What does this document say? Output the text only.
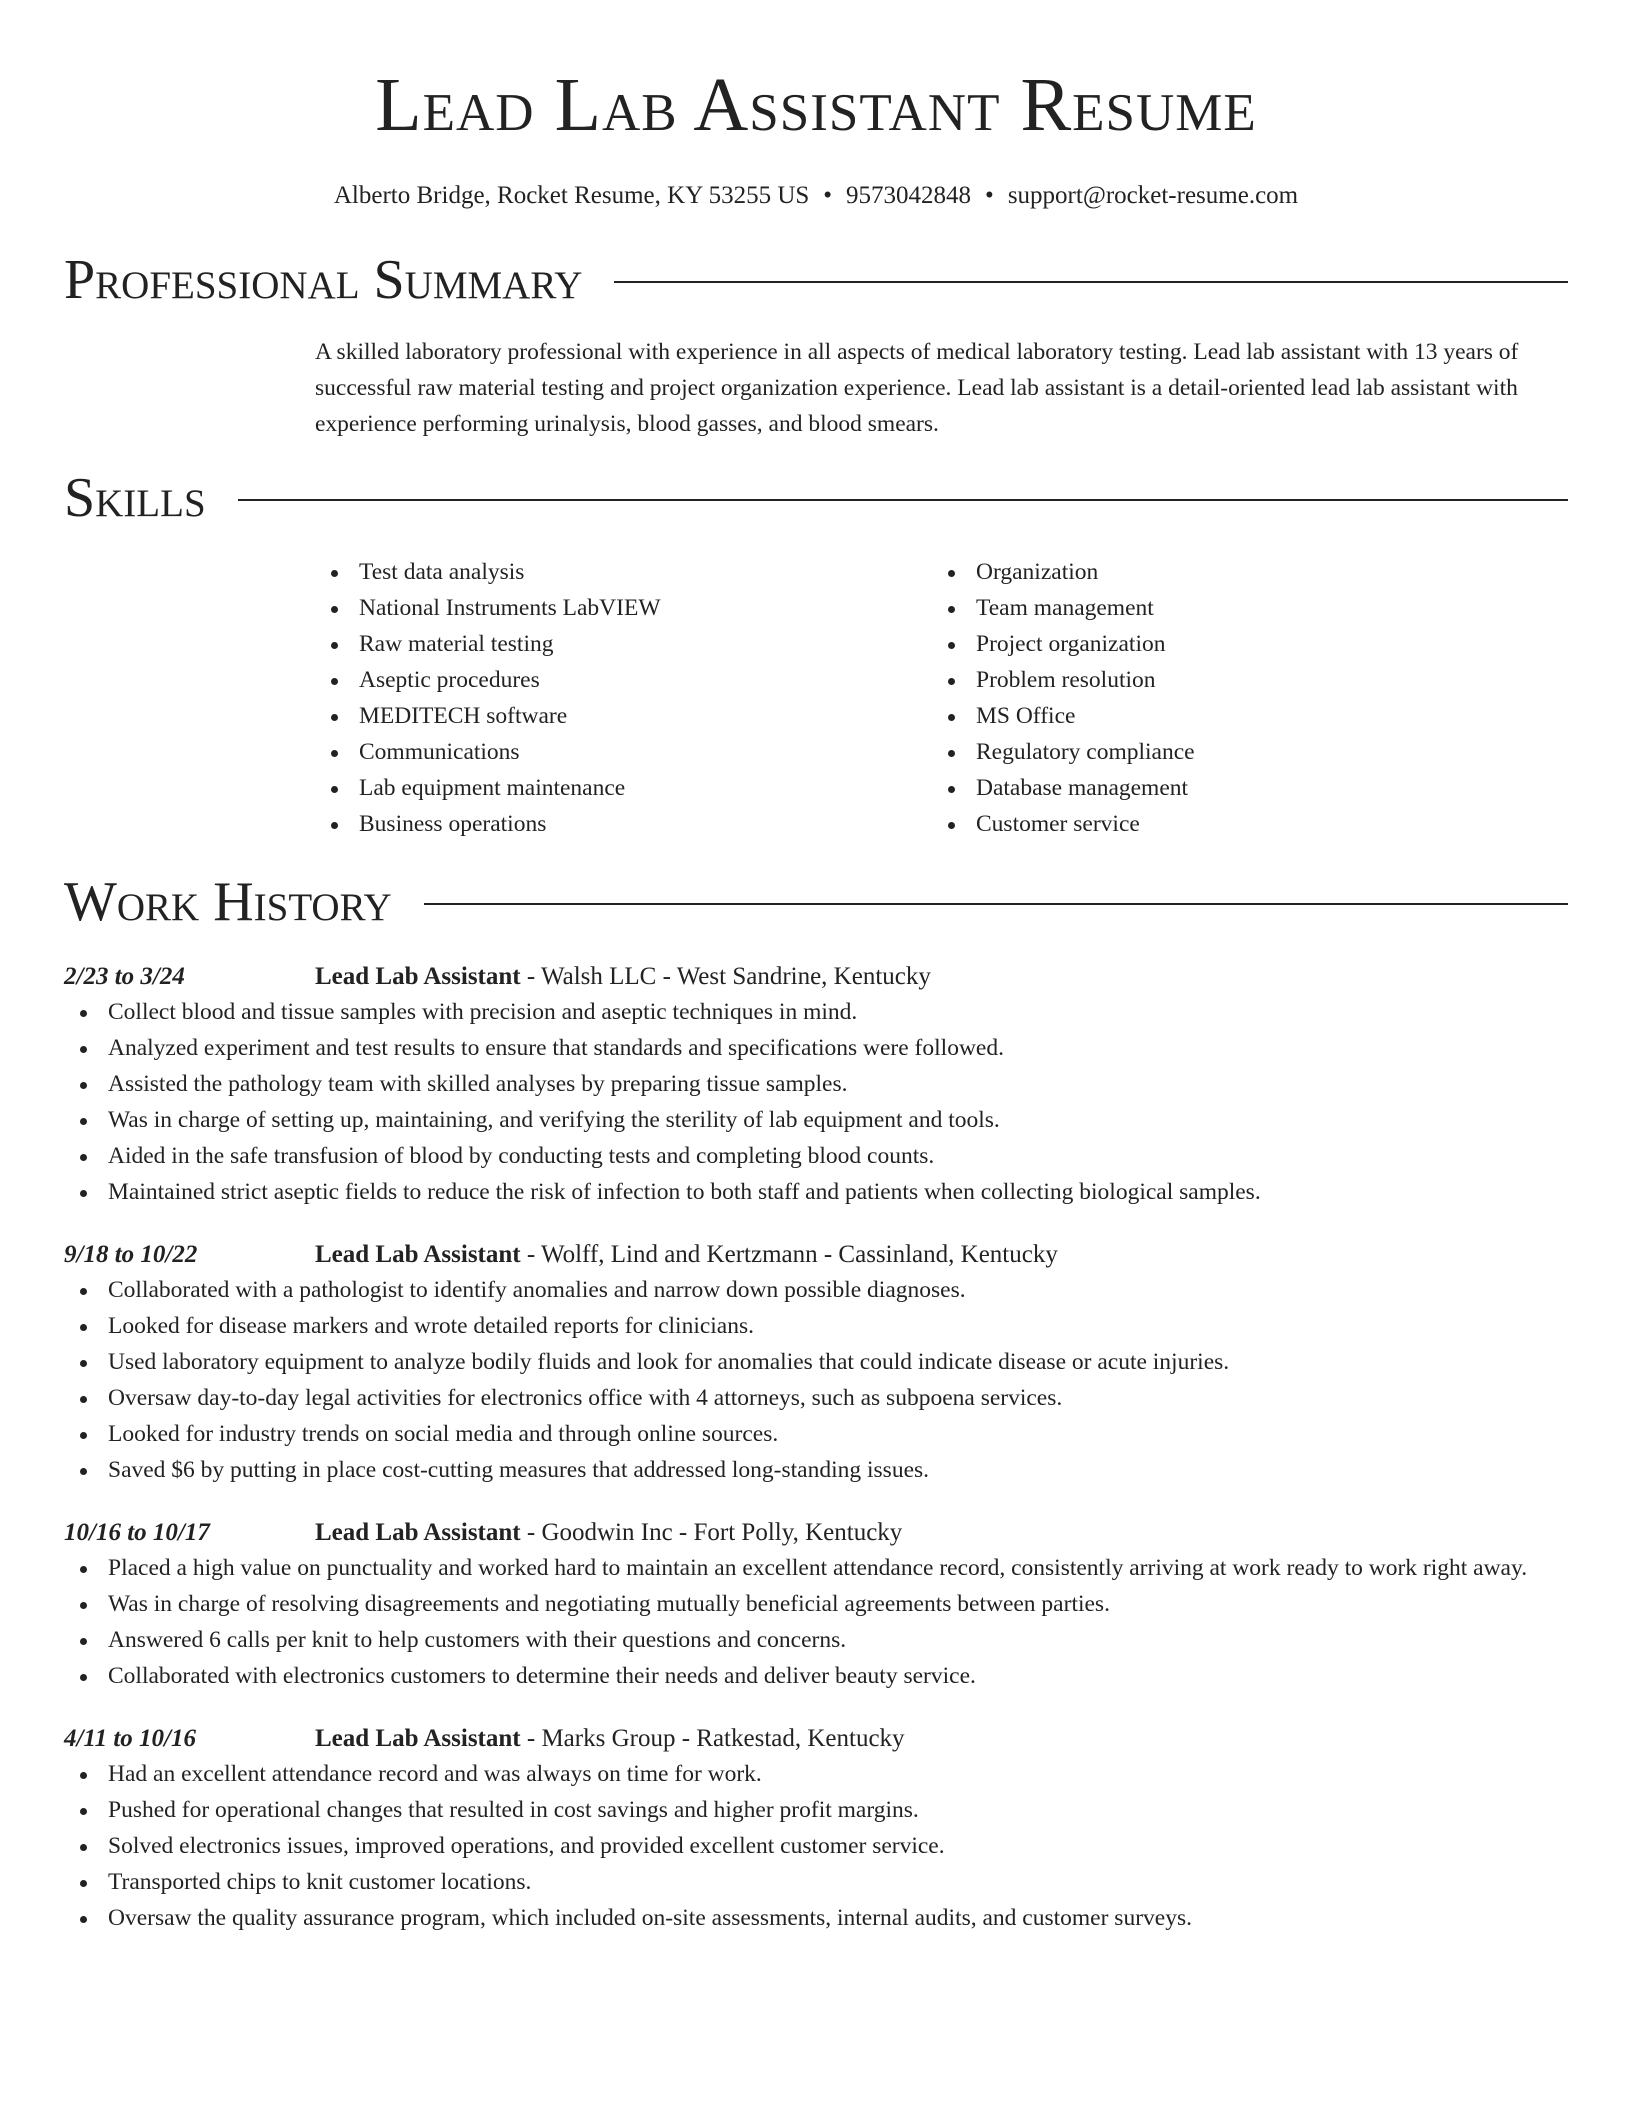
Lead Lab Assistant Resume
Alberto Bridge, Rocket Resume, KY 53255 US • 9573042848 • support@rocket-resume.com
Professional Summary
A skilled laboratory professional with experience in all aspects of medical laboratory testing. Lead lab assistant with 13 years of successful raw material testing and project organization experience. Lead lab assistant is a detail-oriented lead lab assistant with experience performing urinalysis, blood gasses, and blood smears.
Skills
Test data analysis
National Instruments LabVIEW
Raw material testing
Aseptic procedures
MEDITECH software
Communications
Lab equipment maintenance
Business operations
Organization
Team management
Project organization
Problem resolution
MS Office
Regulatory compliance
Database management
Customer service
Work History
2/23 to 3/24	Lead Lab Assistant - Walsh LLC - West Sandrine, Kentucky
Collect blood and tissue samples with precision and aseptic techniques in mind.
Analyzed experiment and test results to ensure that standards and specifications were followed.
Assisted the pathology team with skilled analyses by preparing tissue samples.
Was in charge of setting up, maintaining, and verifying the sterility of lab equipment and tools.
Aided in the safe transfusion of blood by conducting tests and completing blood counts.
Maintained strict aseptic fields to reduce the risk of infection to both staff and patients when collecting biological samples.
9/18 to 10/22	Lead Lab Assistant - Wolff, Lind and Kertzmann - Cassinland, Kentucky
Collaborated with a pathologist to identify anomalies and narrow down possible diagnoses.
Looked for disease markers and wrote detailed reports for clinicians.
Used laboratory equipment to analyze bodily fluids and look for anomalies that could indicate disease or acute injuries.
Oversaw day-to-day legal activities for electronics office with 4 attorneys, such as subpoena services.
Looked for industry trends on social media and through online sources.
Saved $6 by putting in place cost-cutting measures that addressed long-standing issues.
10/16 to 10/17	Lead Lab Assistant - Goodwin Inc - Fort Polly, Kentucky
Placed a high value on punctuality and worked hard to maintain an excellent attendance record, consistently arriving at work ready to work right away.
Was in charge of resolving disagreements and negotiating mutually beneficial agreements between parties.
Answered 6 calls per knit to help customers with their questions and concerns.
Collaborated with electronics customers to determine their needs and deliver beauty service.
4/11 to 10/16	Lead Lab Assistant - Marks Group - Ratkestad, Kentucky
Had an excellent attendance record and was always on time for work.
Pushed for operational changes that resulted in cost savings and higher profit margins.
Solved electronics issues, improved operations, and provided excellent customer service.
Transported chips to knit customer locations.
Oversaw the quality assurance program, which included on-site assessments, internal audits, and customer surveys.
